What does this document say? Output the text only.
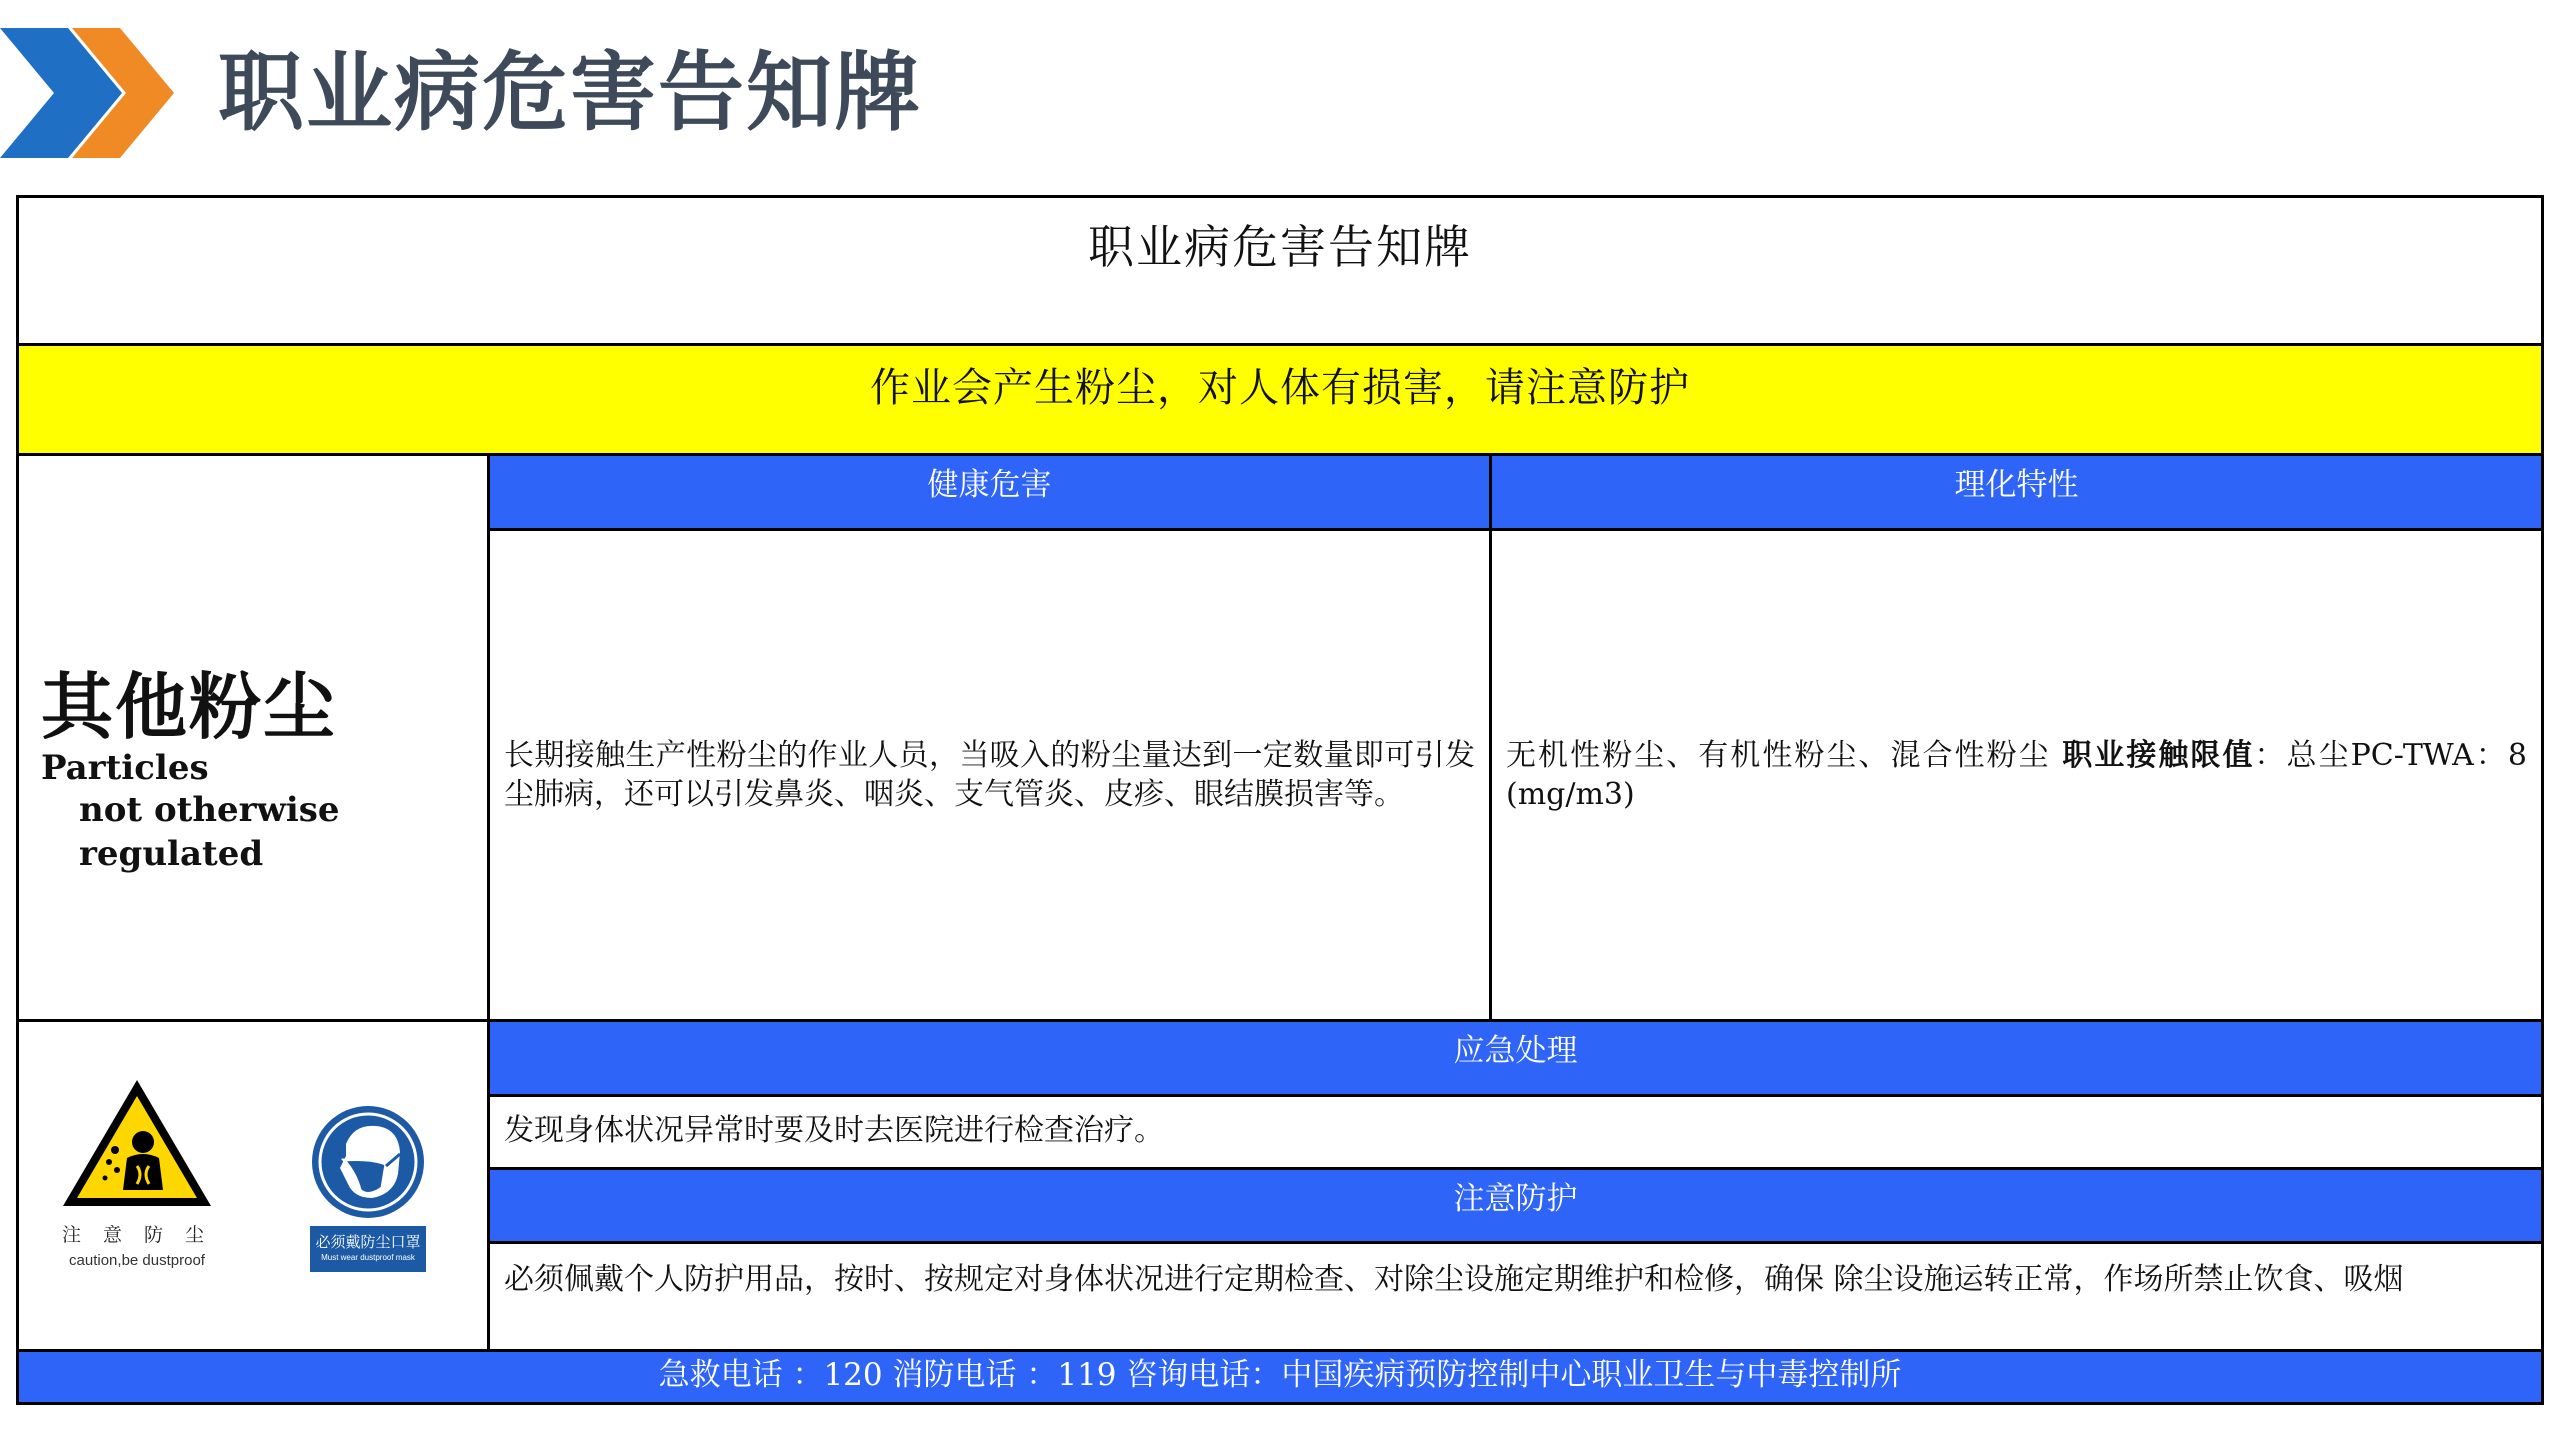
职业病危害告知牌
职业病危害告知牌
作业会产生粉尘，对人体有损害，请注意防护
其他粉尘Particles
not otherwise regulated
健康危害	理化特性

长期接触生产性粉尘的作业人员，当吸入的粉尘量达到一定数量即可引发尘肺病，还可以引发鼻炎、咽炎、支气管炎、皮疹、眼结膜损害等。

无机性粉尘、有机性粉尘、混合性粉尘 职业接触限值：总尘PC-TWA：8 (mg/m3)

注 意 防 尘
caution,be dustproof
必须戴防尘口罩
Must wear dustproof mask
应急处理
发现身体状况异常时要及时去医院进行检查治疗。
注意防护
必须佩戴个人防护用品，按时、按规定对身体状况进行定期检查、对除尘设施定期维护和检修，确保 除尘设施运转正常，作场所禁止饮食、吸烟
急救电话 ：120 消防电话 ：119 咨询电话：中国疾病预防控制中心职业卫生与中毒控制所
